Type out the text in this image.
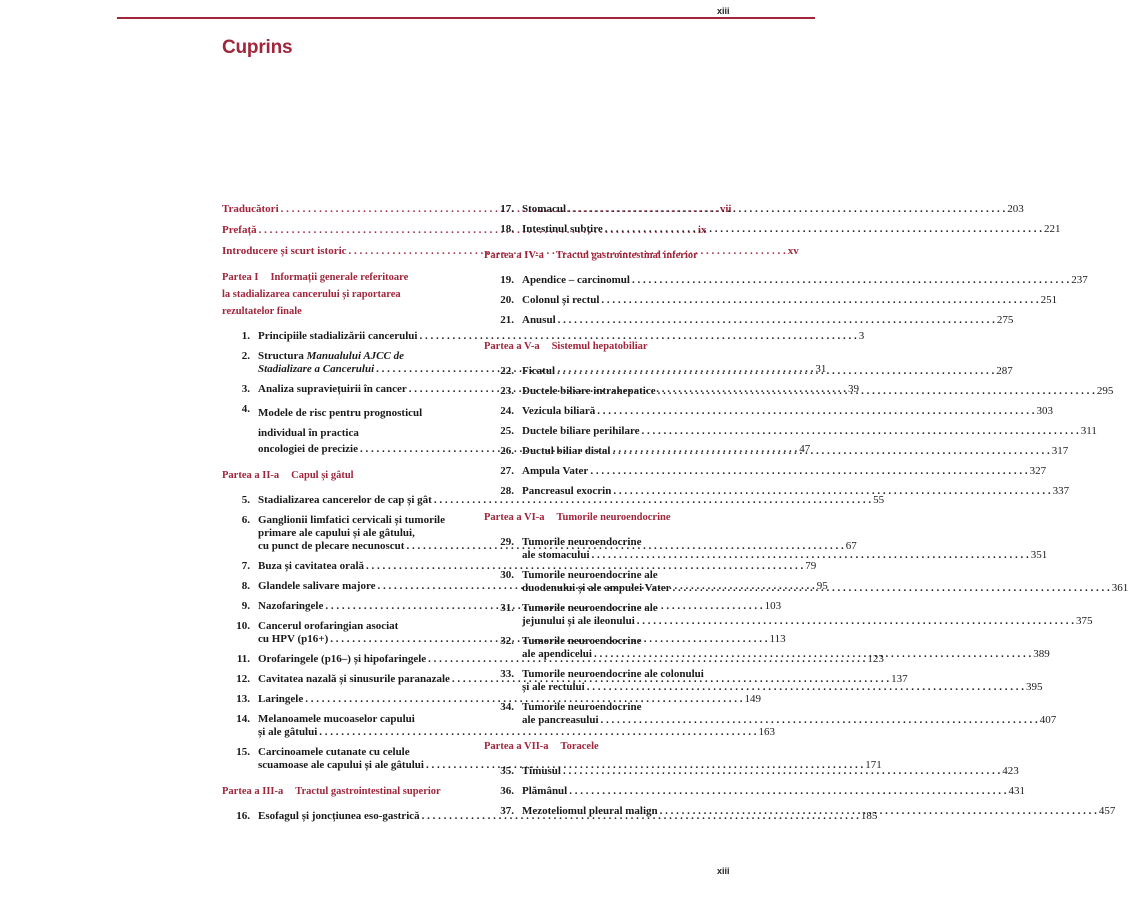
xiii
Cuprins
Traducători . . .	vii
Prefață . . .	ix
Introducere și scurt istoric . . .	xv
Partea I Informații generale referitoare
la stadializarea cancerului și raportarea
rezultatelor finale
1. Principiile stadializării cancerului . . .	3
2. Structura Manualului AJCC de
Stadializare a Cancerului . . .	31
3. Analiza supraviețuirii în cancer . . .	39
4. Modele de risc pentru prognosticul
individual în practica
oncologiei de precizie . . .	47
Partea a II-a Capul și gâtul
5. Stadializarea cancerelor de cap și gât . . .	55
6. Ganglionii limfatici cervicali și tumorile
primare ale capului și ale gâtului,
cu punct de plecare necunoscut . . .	67
7. Buza și cavitatea orală . . .	79
8. Glandele salivare majore . . .	95
9. Nazofaringele . . .	103
10. Cancerul orofaringian asociat
cu HPV (p16+) . . .	113
11. Orofaringele (p16–) și hipofaringele . . .	123
12. Cavitatea nazală și sinusurile paranazale . . .	137
13. Laringele . . .	149
14. Melanoamele mucoaselor capului
și ale gâtului . . .	163
15. Carcinoamele cutanate cu celule
scuamoase ale capului și ale gâtului . . .	171
Partea a III-a Tractul gastrointestinal superior
16. Esofagul și joncțiunea eso-gastrică . . .	185
17. Stomacul . . .	203
18. Intestinul subțire . . .	221
Partea a IV-a Tractul gastrointestinal inferior
19. Apendice – carcinomul . . .	237
20. Colonul și rectul . . .	251
21. Anusul . . .	275
Partea a V-a Sistemul hepatobiliar
22. Ficatul . . .	287
23. Ductele biliare intrahepatice . . .	295
24. Vezicula biliară . . .	303
25. Ductele biliare perihilare . . .	311
26. Ductul biliar distal . . .	317
27. Ampula Vater . . .	327
28. Pancreasul exocrin . . .	337
Partea a VI-a Tumorile neuroendocrine
29. Tumorile neuroendocrine
ale stomacului . . .	351
30. Tumorile neuroendocrine ale
duodenului și ale ampulei Vater . . .	361
31. Tumorile neuroendocrine ale
jejunului și ale ileonului . . .	375
32. Tumorile neuroendocrine
ale apendicelui . . .	389
33. Tumorile neuroendocrine ale colonului
și ale rectului . . .	395
34. Tumorile neuroendocrine
ale pancreasului . . .	407
Partea a VII-a Toracele
35. Timusul . . .	423
36. Plămânul . . .	431
37. Mezoteliomul pleural malign . . .	457
xiii
